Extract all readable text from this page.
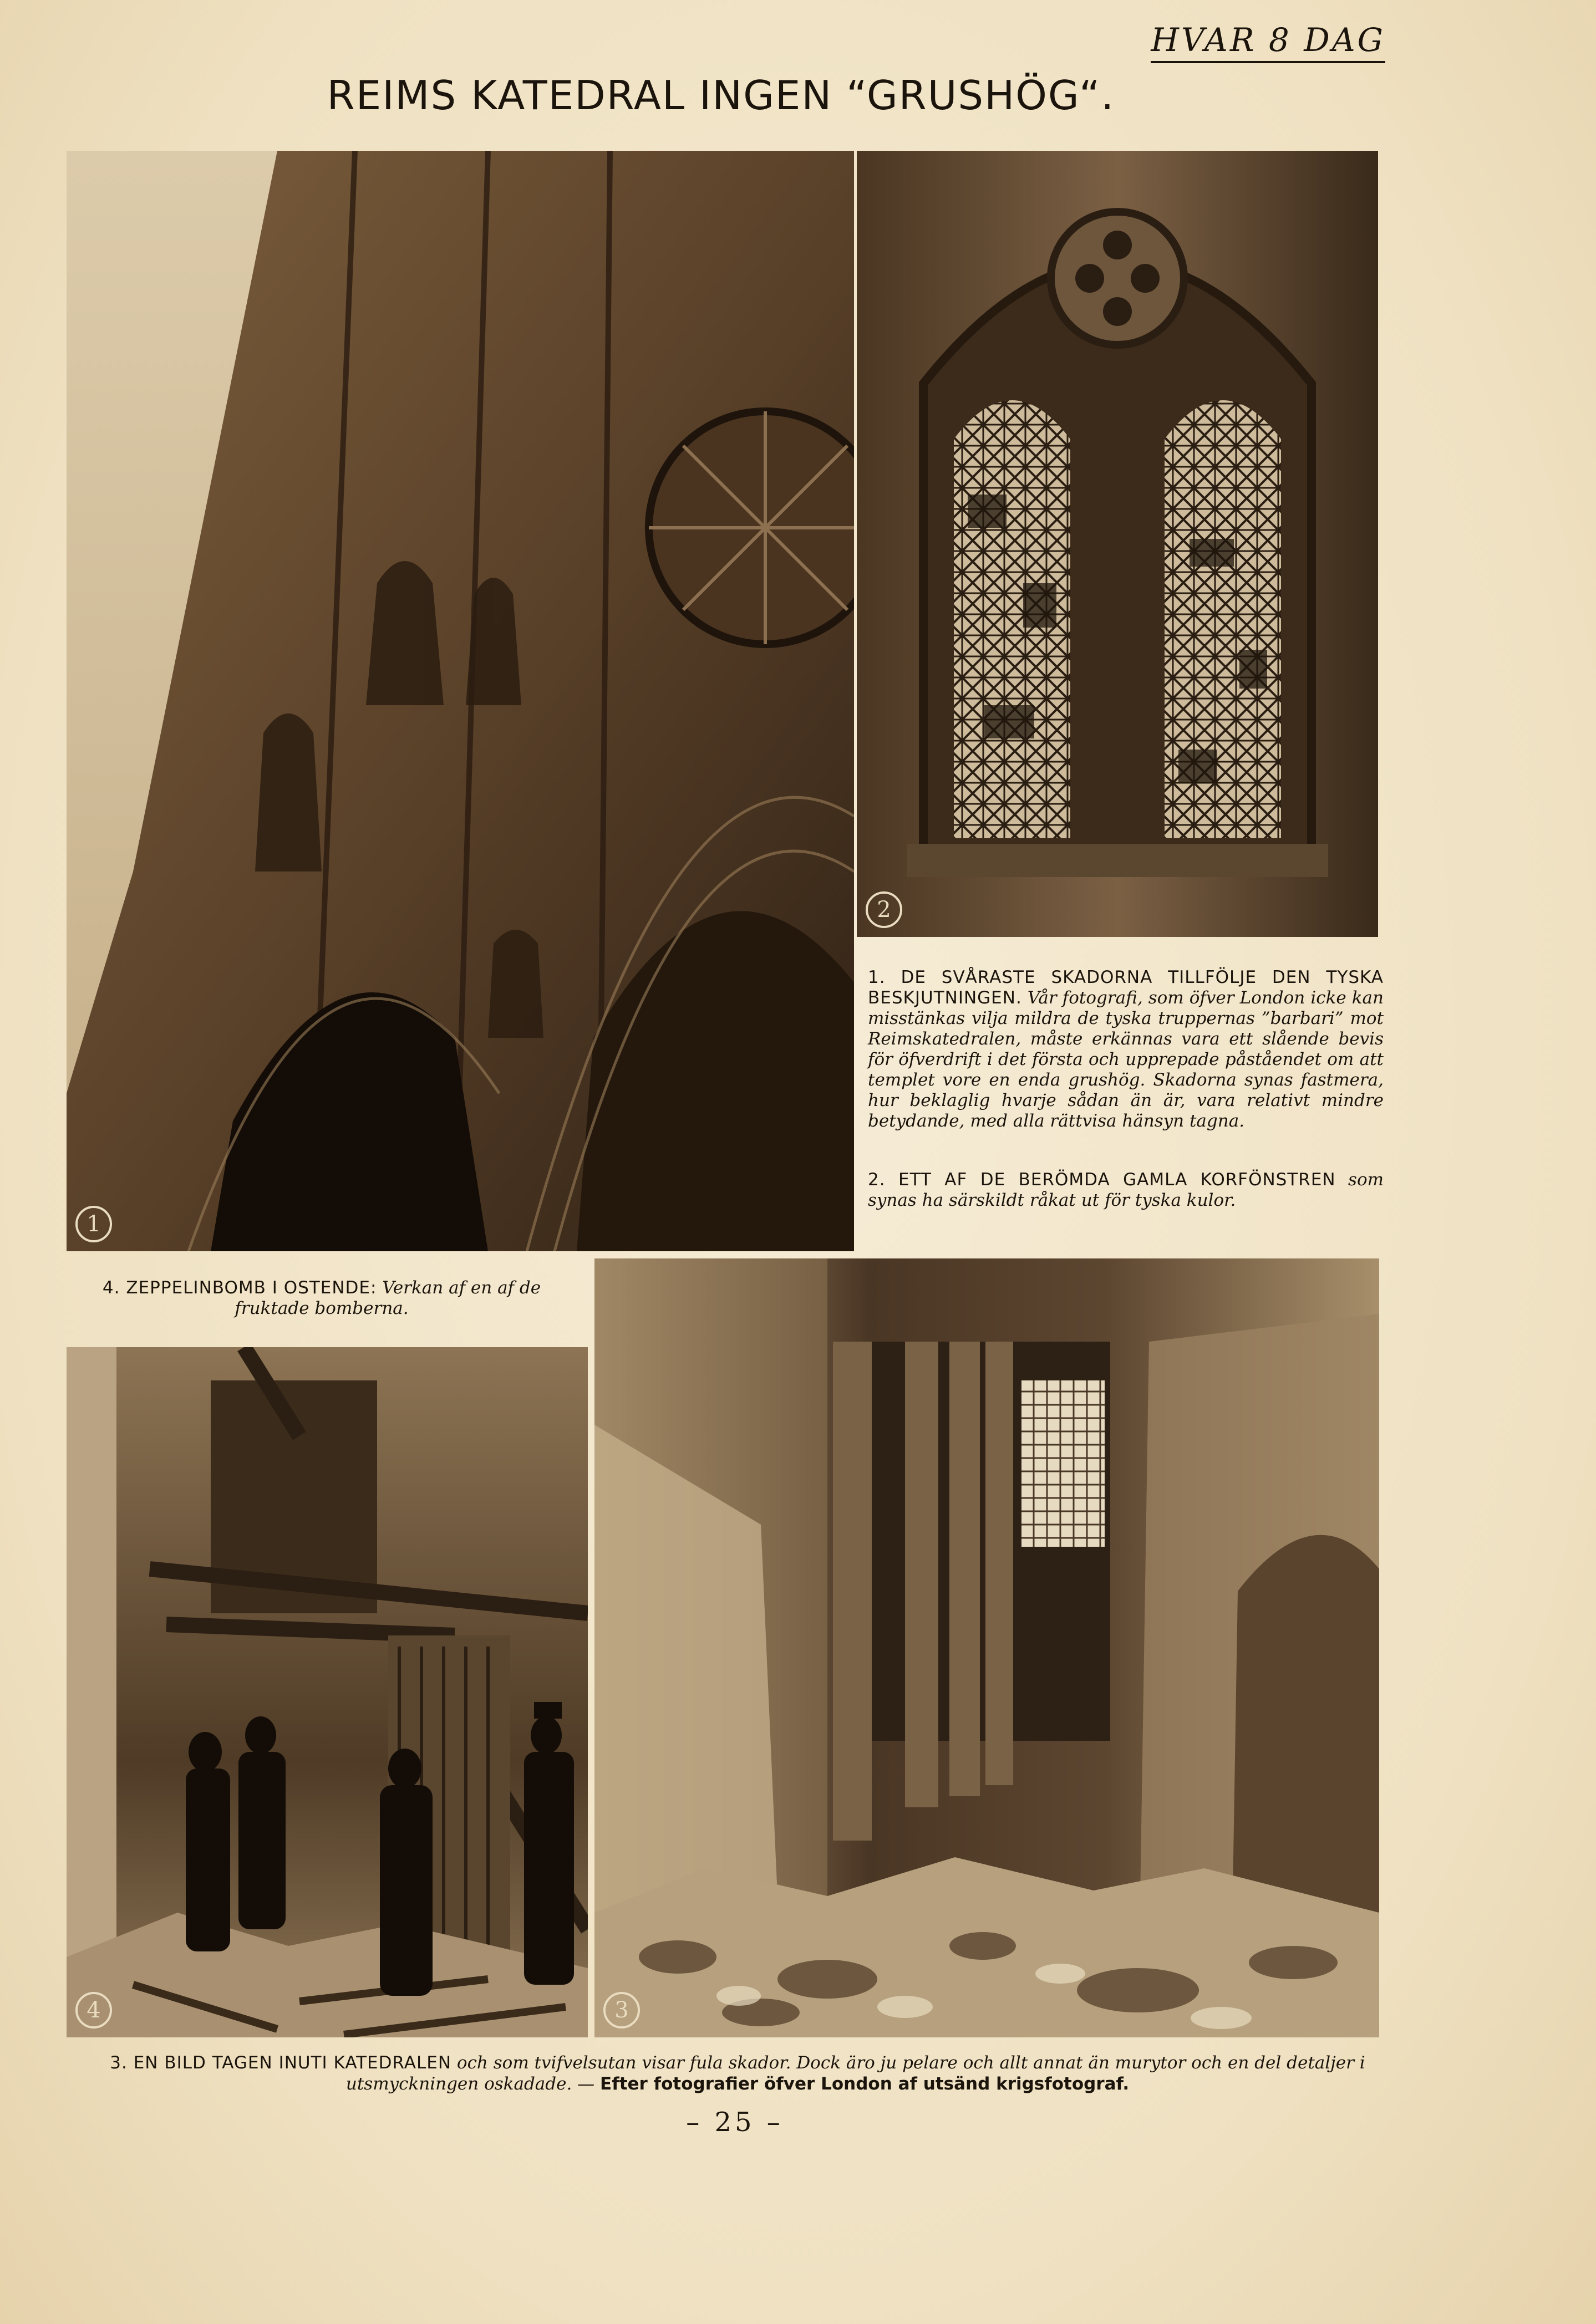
HVAR 8 DAG
REIMS KATEDRAL INGEN “GRUSHÖG“.
1
2
1. DE SVÅRASTE SKADORNA TILLFÖLJE DEN TYSKA BESKJUTNINGEN. Vår fotografi, som öfver London icke kan misstänkas vilja mildra de tyska truppernas ”barbari” mot Reimskatedralen, måste erkännas vara ett slående bevis för öfverdrift i det första och upprepade påståendet om att templet vore en enda grushög. Skadorna synas fastmera, hur beklaglig hvarje sådan än är, vara relativt mindre betydande, med alla rättvisa hänsyn tagna.
2. ETT AF DE BERÖMDA GAMLA KORFÖNSTREN som synas ha särskildt råkat ut för tyska kulor.
4. ZEPPELINBOMB I OSTENDE: Verkan af en af de fruktade bomberna.
4	3
3. EN BILD TAGEN INUTI KATEDRALEN och som tvifvelsutan visar fula skador. Dock äro ju pelare och allt annat än murytor och en del detaljer i utsmyckningen oskadade. — Efter fotografier öfver London af utsänd krigsfotograf.
– 25 –
